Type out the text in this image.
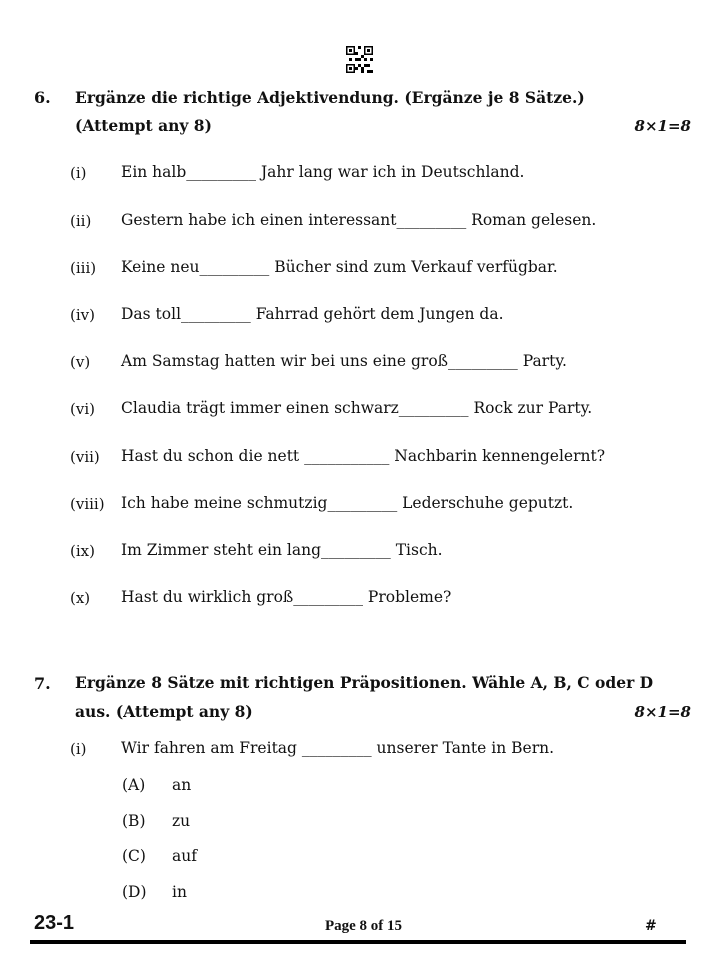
6. Ergänze die richtige Adjektivendung. (Ergänze je 8 Sätze.)
(Attempt any 8)	8×1=8
(i) Ein halb_________ Jahr lang war ich in Deutschland.
(ii) Gestern habe ich einen interessant_________ Roman gelesen.
(iii) Keine neu_________ Bücher sind zum Verkauf verfügbar.
(iv) Das toll_________ Fahrrad gehört dem Jungen da.
(v) Am Samstag hatten wir bei uns eine groß_________ Party.
(vi) Claudia trägt immer einen schwarz_________ Rock zur Party.
(vii) Hast du schon die nett ___________ Nachbarin kennengelernt?
(viii) Ich habe meine schmutzig_________ Lederschuhe geputzt.
(ix) Im Zimmer steht ein lang_________ Tisch.
(x) Hast du wirklich groß_________ Probleme?
7. Ergänze 8 Sätze mit richtigen Präpositionen. Wähle A, B, C oder D
aus. (Attempt any 8)	8×1=8
(i) Wir fahren am Freitag _________ unserer Tante in Bern.
(A) an
(B) zu
(C) auf
(D) in
23-1	Page 8 of 15	#
